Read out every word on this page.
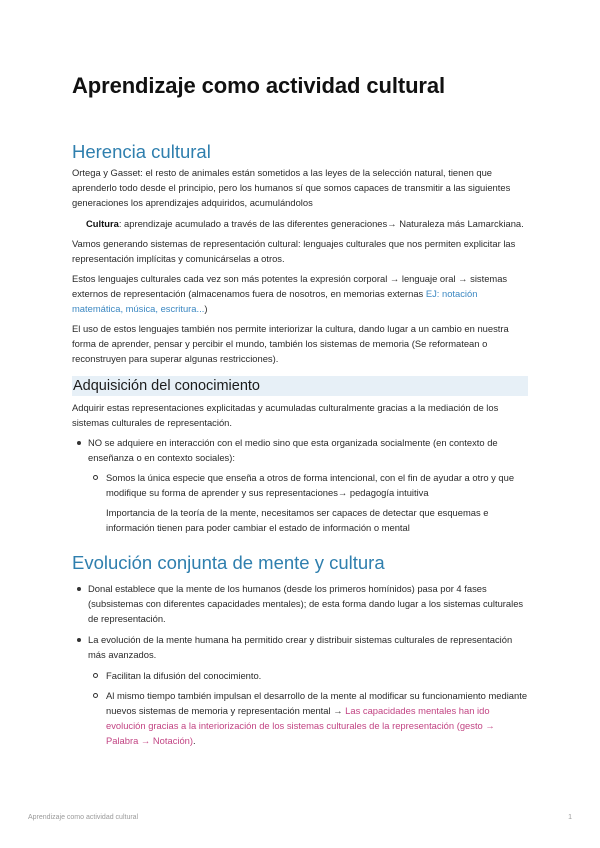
Aprendizaje como actividad cultural
Herencia cultural

Ortega y Gasset: el resto de animales están sometidos a las leyes de la selección natural, tienen que aprenderlo todo desde el principio, pero los humanos sí que somos capaces de transmitir a las siguientes generaciones los aprendizajes adquiridos, acumulándolos

Cultura: aprendizaje acumulado a través de las diferentes generaciones→ Naturaleza más Lamarckiana.

Vamos generando sistemas de representación cultural: lenguajes culturales que nos permiten explicitar las representación implícitas y comunicárselas a otros.

Estos lenguajes culturales cada vez son más potentes la expresión corporal → lenguaje oral → sistemas externos de representación (almacenamos fuera de nosotros, en memorias externas EJ: notación matemática, música, escritura...)

El uso de estos lenguajes también nos permite interiorizar la cultura, dando lugar a un cambio en nuestra forma de aprender, pensar y percibir el mundo, también los sistemas de memoria (Se reformatean o reconstruyen para superar algunas restricciones).

Adquisición del conocimiento

Adquirir estas representaciones explicitadas y acumuladas culturalmente gracias a la mediación de los sistemas culturales de representación.

NO se adquiere en interacción con el medio sino que esta organizada socialmente (en contexto de enseñanza o en contexto sociales):

Somos la única especie que enseña a otros de forma intencional, con el fin de ayudar a otro y que modifique su forma de aprender y sus representaciones→ pedagogía intuitiva

Importancia de la teoría de la mente, necesitamos ser capaces de detectar que esquemas e información tienen para poder cambiar el estado de información o mental

Evolución conjunta de mente y cultura

Donal establece que la mente de los humanos (desde los primeros homínidos) pasa por 4 fases (subsistemas con diferentes capacidades mentales); de esta forma dando lugar a los sistemas culturales de representación.

La evolución de la mente humana ha permitido crear y distribuir sistemas culturales de representación más avanzados.

Facilitan la difusión del conocimiento.

Al mismo tiempo también impulsan el desarrollo de la mente al modificar su funcionamiento mediante nuevos sistemas de memoria y representación mental → Las capacidades mentales han ido evolución gracias a la interiorización de los sistemas culturales de la representación (gesto → Palabra → Notación).

Aprendizaje como actividad cultural	1
